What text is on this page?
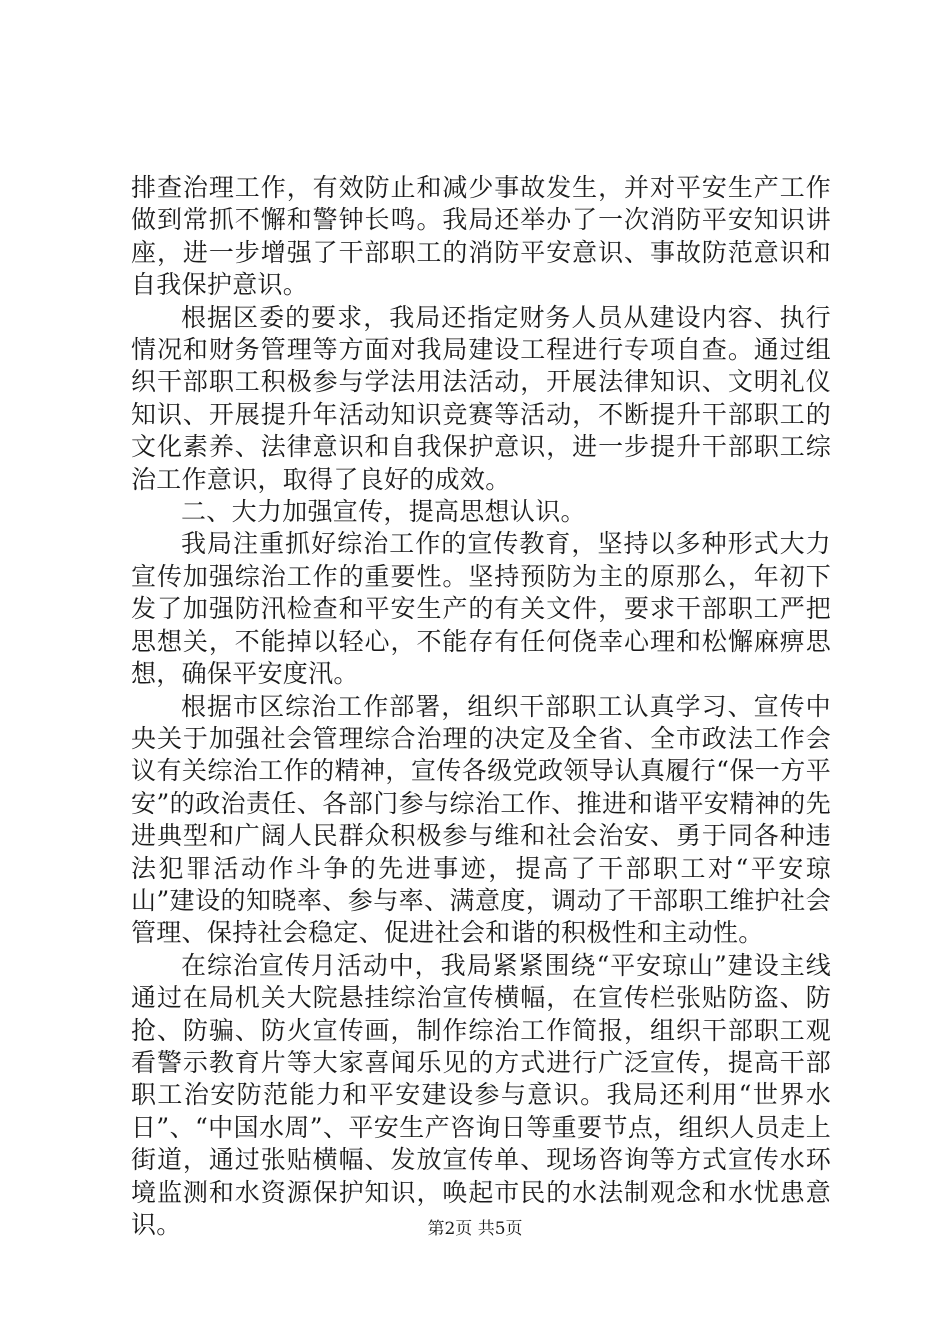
排查治理工作，有效防止和减少事故发生，并对平安生产工作做到常抓不懈和警钟长鸣。我局还举办了一次消防平安知识讲座，进一步增强了干部职工的消防平安意识、事故防范意识和自我保护意识。

根据区委的要求，我局还指定财务人员从建设内容、执行情况和财务管理等方面对我局建设工程进行专项自查。通过组织干部职工积极参与学法用法活动，开展法律知识、文明礼仪知识、开展提升年活动知识竞赛等活动，不断提升干部职工的文化素养、法律意识和自我保护意识，进一步提升干部职工综治工作意识，取得了良好的成效。

二、大力加强宣传，提高思想认识。

我局注重抓好综治工作的宣传教育，坚持以多种形式大力宣传加强综治工作的重要性。坚持预防为主的原那么，年初下发了加强防汛检查和平安生产的有关文件，要求干部职工严把思想关，不能掉以轻心，不能存有任何侥幸心理和松懈麻痹思想，确保平安度汛。

根据市区综治工作部署，组织干部职工认真学习、宣传中央关于加强社会管理综合治理的决定及全省、全市政法工作会议有关综治工作的精神，宣传各级党政领导认真履行“保一方平安”的政治责任、各部门参与综治工作、推进和谐平安精神的先进典型和广阔人民群众积极参与维和社会治安、勇于同各种违法犯罪活动作斗争的先进事迹，提高了干部职工对“平安琼山”建设的知晓率、参与率、满意度，调动了干部职工维护社会管理、保持社会稳定、促进社会和谐的积极性和主动性。

在综治宣传月活动中，我局紧紧围绕“平安琼山”建设主线通过在局机关大院悬挂综治宣传横幅，在宣传栏张贴防盗、防抢、防骗、防火宣传画，制作综治工作简报，组织干部职工观看警示教育片等大家喜闻乐见的方式进行广泛宣传，提高干部职工治安防范能力和平安建设参与意识。我局还利用“世界水日”、“中国水周”、平安生产咨询日等重要节点，组织人员走上街道，通过张贴横幅、发放宣传单、现场咨询等方式宣传水环境监测和水资源保护知识，唤起市民的水法制观念和水忧患意识。	第2页 共5页
